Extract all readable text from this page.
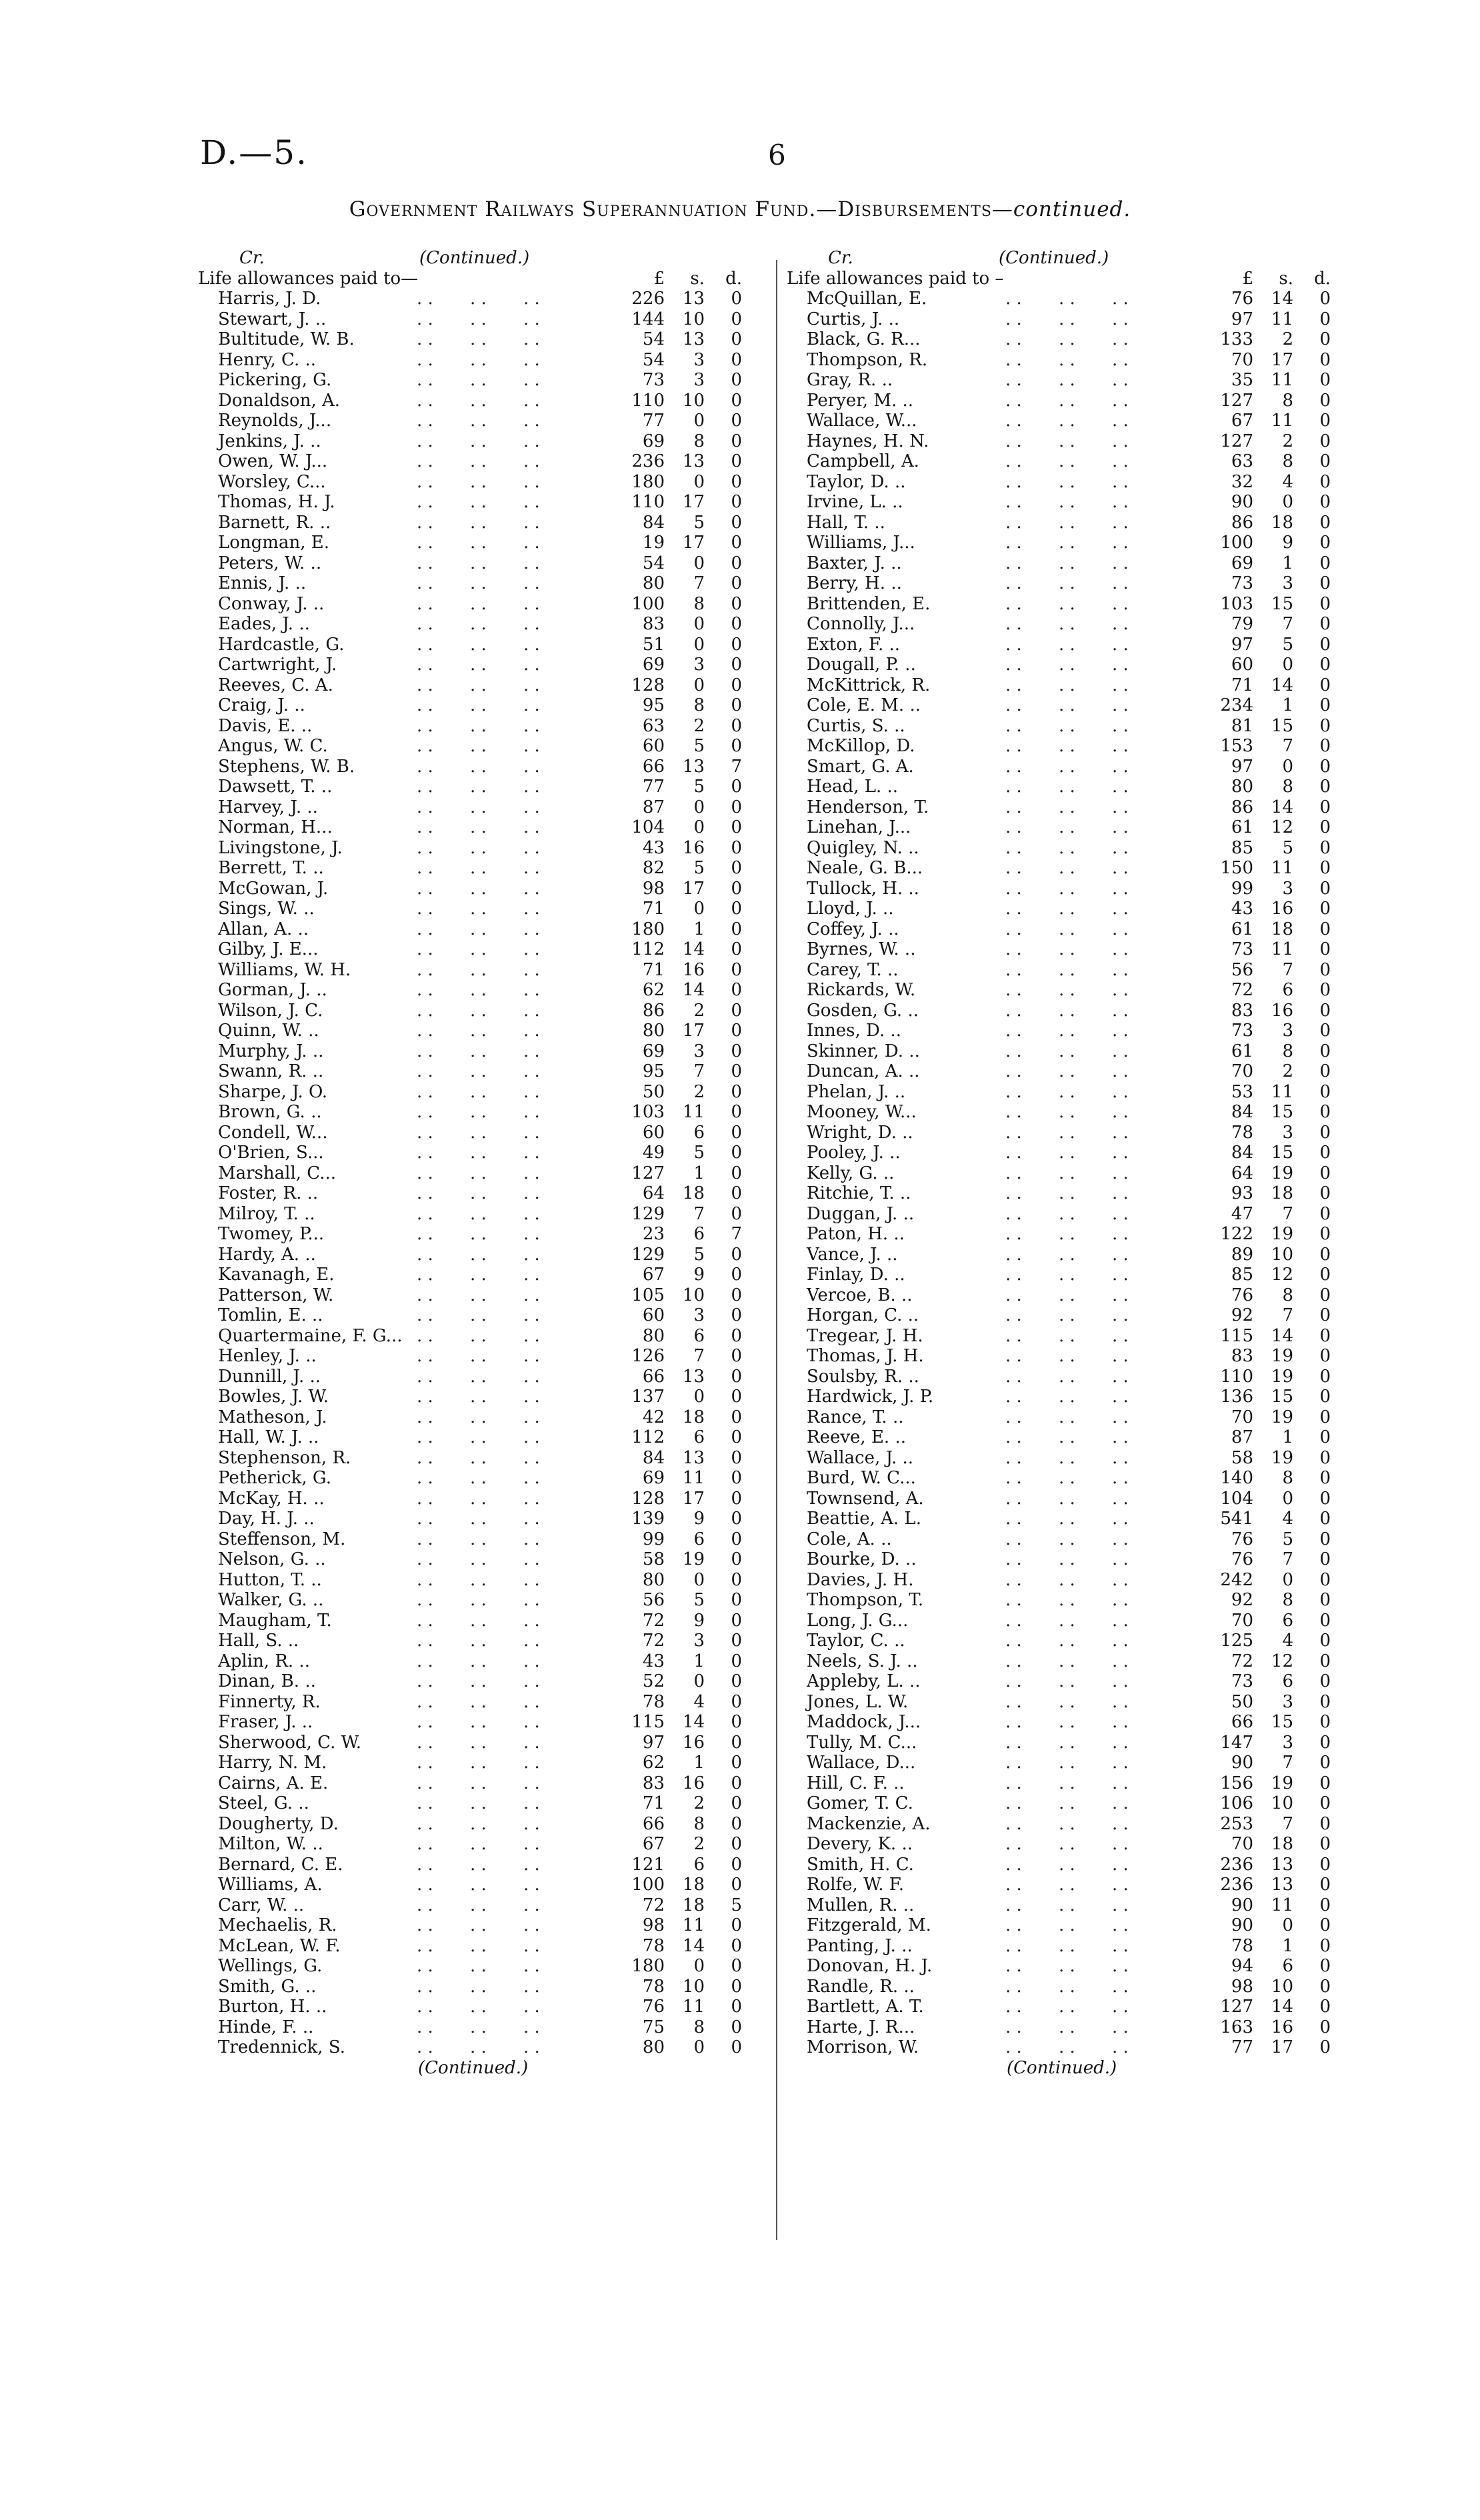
D.—5.	6
Government Railways Superannuation Fund.—Disbursements—continued.
Cr.	(Continued.)
Life allowances paid to—	£	s. d.
Harris, J. D.	. . . . . .	226	13	0
Stewart, J. ..	. . . . . .	144	10	0
Bultitude, W. B.	. . . . . .	54	13	0
Henry, C. ..	. . . . . .	54	3	0
Pickering, G.	. . . . . .	73	3	0
Donaldson, A.	. . . . . .	110	10	0
Reynolds, J...	. . . . . .	77	0	0
Jenkins, J. ..	. . . . . .	69	8	0
Owen, W. J...	. . . . . .	236	13	0
Worsley, C...	. . . . . .	180	0	0
Thomas, H. J.	. . . . . .	110	17	0
Barnett, R. ..	. . . . . .	84	5	0
Longman, E.	. . . . . .	19	17	0
Peters, W. ..	. . . . . .	54	0	0
Ennis, J. ..	. . . . . .	80	7	0
Conway, J. ..	. . . . . .	100	8	0
Eades, J. ..	. . . . . .	83	0	0
Hardcastle, G.	. . . . . .	51	0	0
Cartwright, J.	. . . . . .	69	3	0
Reeves, C. A.	. . . . . .	128	0	0
Craig, J. ..	. . . . . .	95	8	0
Davis, E. ..	. . . . . .	63	2	0
Angus, W. C.	. . . . . .	60	5	0
Stephens, W. B.	. . . . . .	66	13	7
Dawsett, T. ..	. . . . . .	77	5	0
Harvey, J. ..	. . . . . .	87	0	0
Norman, H...	. . . . . .	104	0	0
Livingstone, J.	. . . . . .	43	16	0
Berrett, T. ..	. . . . . .	82	5	0
McGowan, J.	. . . . . .	98	17	0
Sings, W. ..	. . . . . .	71	0	0
Allan, A. ..	. . . . . .	180	1	0
Gilby, J. E...	. . . . . .	112	14	0
Williams, W. H.	. . . . . .	71	16	0
Gorman, J. ..	. . . . . .	62	14	0
Wilson, J. C.	. . . . . .	86	2	0
Quinn, W. ..	. . . . . .	80	17	0
Murphy, J. ..	. . . . . .	69	3	0
Swann, R. ..	. . . . . .	95	7	0
Sharpe, J. O.	. . . . . .	50	2	0
Brown, G. ..	. . . . . .	103	11	0
Condell, W...	. . . . . .	60	6	0
O'Brien, S...	. . . . . .	49	5	0
Marshall, C...	. . . . . .	127	1	0
Foster, R. ..	. . . . . .	64	18	0
Milroy, T. ..	. . . . . .	129	7	0
Twomey, P...	. . . . . .	23	6	7
Hardy, A. ..	. . . . . .	129	5	0
Kavanagh, E.	. . . . . .	67	9	0
Patterson, W.	. . . . . .	105	10	0
Tomlin, E. ..	. . . . . .	60	3	0
Quartermaine, F. G... . . . . . .	80	6	0
Henley, J. ..	. . . . . .	126	7	0
Dunnill, J. ..	. . . . . .	66	13	0
Bowles, J. W.	. . . . . .	137	0	0
Matheson, J.	. . . . . .	42	18	0
Hall, W. J. ..	. . . . . .	112	6	0
Stephenson, R.	. . . . . .	84	13	0
Petherick, G.	. . . . . .	69	11	0
McKay, H. ..	. . . . . .	128	17	0
Day, H. J. ..	. . . . . .	139	9	0
Steffenson, M.	. . . . . .	99	6	0
Nelson, G. ..	. . . . . .	58	19	0
Hutton, T. ..	. . . . . .	80	0	0
Walker, G. ..	. . . . . .	56	5	0
Maugham, T.	. . . . . .	72	9	0
Hall, S. ..	. . . . . .	72	3	0
Aplin, R. ..	. . . . . .	43	1	0
Dinan, B. ..	. . . . . .	52	0	0
Finnerty, R.	. . . . . .	78	4	0
Fraser, J. ..	. . . . . .	115	14	0
Sherwood, C. W.	. . . . . .	97	16	0
Harry, N. M.	. . . . . .	62	1	0
Cairns, A. E.	. . . . . .	83	16	0
Steel, G. ..	. . . . . .	71	2	0
Dougherty, D.	. . . . . .	66	8	0
Milton, W. ..	. . . . . .	67	2	0
Bernard, C. E.	. . . . . .	121	6	0
Williams, A.	. . . . . .	100	18	0
Carr, W. ..	. . . . . .	72	18	5
Mechaelis, R.	. . . . . .	98	11	0
McLean, W. F.	. . . . . .	78	14	0
Wellings, G.	. . . . . .	180	0	0
Smith, G. ..	. . . . . .	78	10	0
Burton, H. ..	. . . . . .	76	11	0
Hinde, F. ..	. . . . . .	75	8	0
Tredennick, S.	. . . . . .	80	0	0
(Continued.)
Cr.	(Continued.)
Life allowances paid to –	£	s. d.
McQuillan, E.	. . . . . .	76	14	0
Curtis, J. ..	. . . . . .	97	11	0
Black, G. R...	. . . . . .	133	2	0
Thompson, R.	. . . . . .	70	17	0
Gray, R. ..	. . . . . .	35	11	0
Peryer, M. ..	. . . . . .	127	8	0
Wallace, W...	. . . . . .	67	11	0
Haynes, H. N.	. . . . . .	127	2	0
Campbell, A.	. . . . . .	63	8	0
Taylor, D. ..	. . . . . .	32	4	0
Irvine, L. ..	. . . . . .	90	0	0
Hall, T. ..	. . . . . .	86	18	0
Williams, J...	. . . . . .	100	9	0
Baxter, J. ..	. . . . . .	69	1	0
Berry, H. ..	. . . . . .	73	3	0
Brittenden, E.	. . . . . .	103	15	0
Connolly, J...	. . . . . .	79	7	0
Exton, F. ..	. . . . . .	97	5	0
Dougall, P. ..	. . . . . .	60	0	0
McKittrick, R.	. . . . . .	71	14	0
Cole, E. M. ..	. . . . . .	234	1	0
Curtis, S. ..	. . . . . .	81	15	0
McKillop, D.	. . . . . .	153	7	0
Smart, G. A.	. . . . . .	97	0	0
Head, L. ..	. . . . . .	80	8	0
Henderson, T.	. . . . . .	86	14	0
Linehan, J...	. . . . . .	61	12	0
Quigley, N. ..	. . . . . .	85	5	0
Neale, G. B...	. . . . . .	150	11	0
Tullock, H. ..	. . . . . .	99	3	0
Lloyd, J. ..	. . . . . .	43	16	0
Coffey, J. ..	. . . . . .	61	18	0
Byrnes, W. ..	. . . . . .	73	11	0
Carey, T. ..	. . . . . .	56	7	0
Rickards, W.	. . . . . .	72	6	0
Gosden, G. ..	. . . . . .	83	16	0
Innes, D. ..	. . . . . .	73	3	0
Skinner, D. ..	. . . . . .	61	8	0
Duncan, A. ..	. . . . . .	70	2	0
Phelan, J. ..	. . . . . .	53	11	0
Mooney, W...	. . . . . .	84	15	0
Wright, D. ..	. . . . . .	78	3	0
Pooley, J. ..	. . . . . .	84	15	0
Kelly, G. ..	. . . . . .	64	19	0
Ritchie, T. ..	. . . . . .	93	18	0
Duggan, J. ..	. . . . . .	47	7	0
Paton, H. ..	. . . . . .	122	19	0
Vance, J. ..	. . . . . .	89	10	0
Finlay, D. ..	. . . . . .	85	12	0
Vercoe, B. ..	. . . . . .	76	8	0
Horgan, C. ..	. . . . . .	92	7	0
Tregear, J. H.	. . . . . .	115	14	0
Thomas, J. H.	. . . . . .	83	19	0
Soulsby, R. ..	. . . . . .	110	19	0
Hardwick, J. P.	. . . . . .	136	15	0
Rance, T. ..	. . . . . .	70	19	0
Reeve, E. ..	. . . . . .	87	1	0
Wallace, J. ..	. . . . . .	58	19	0
Burd, W. C...	. . . . . .	140	8	0
Townsend, A.	. . . . . .	104	0	0
Beattie, A. L.	. . . . . .	541	4	0
Cole, A. ..	. . . . . .	76	5	0
Bourke, D. ..	. . . . . .	76	7	0
Davies, J. H.	. . . . . .	242	0	0
Thompson, T.	. . . . . .	92	8	0
Long, J. G...	. . . . . .	70	6	0
Taylor, C. ..	. . . . . .	125	4	0
Neels, S. J. ..	. . . . . .	72	12	0
Appleby, L. ..	. . . . . .	73	6	0
Jones, L. W.	. . . . . .	50	3	0
Maddock, J...	. . . . . .	66	15	0
Tully, M. C...	. . . . . .	147	3	0
Wallace, D...	. . . . . .	90	7	0
Hill, C. F. ..	. . . . . .	156	19	0
Gomer, T. C.	. . . . . .	106	10	0
Mackenzie, A.	. . . . . .	253	7	0
Devery, K. ..	. . . . . .	70	18	0
Smith, H. C.	. . . . . .	236	13	0
Rolfe, W. F.	. . . . . .	236	13	0
Mullen, R. ..	. . . . . .	90	11	0
Fitzgerald, M.	. . . . . .	90	0	0
Panting, J. ..	. . . . . .	78	1	0
Donovan, H. J.	. . . . . .	94	6	0
Randle, R. ..	. . . . . .	98	10	0
Bartlett, A. T.	. . . . . .	127	14	0
Harte, J. R...	. . . . . .	163	16	0
Morrison, W.	. . . . . .	77	17	0
(Continued.)
